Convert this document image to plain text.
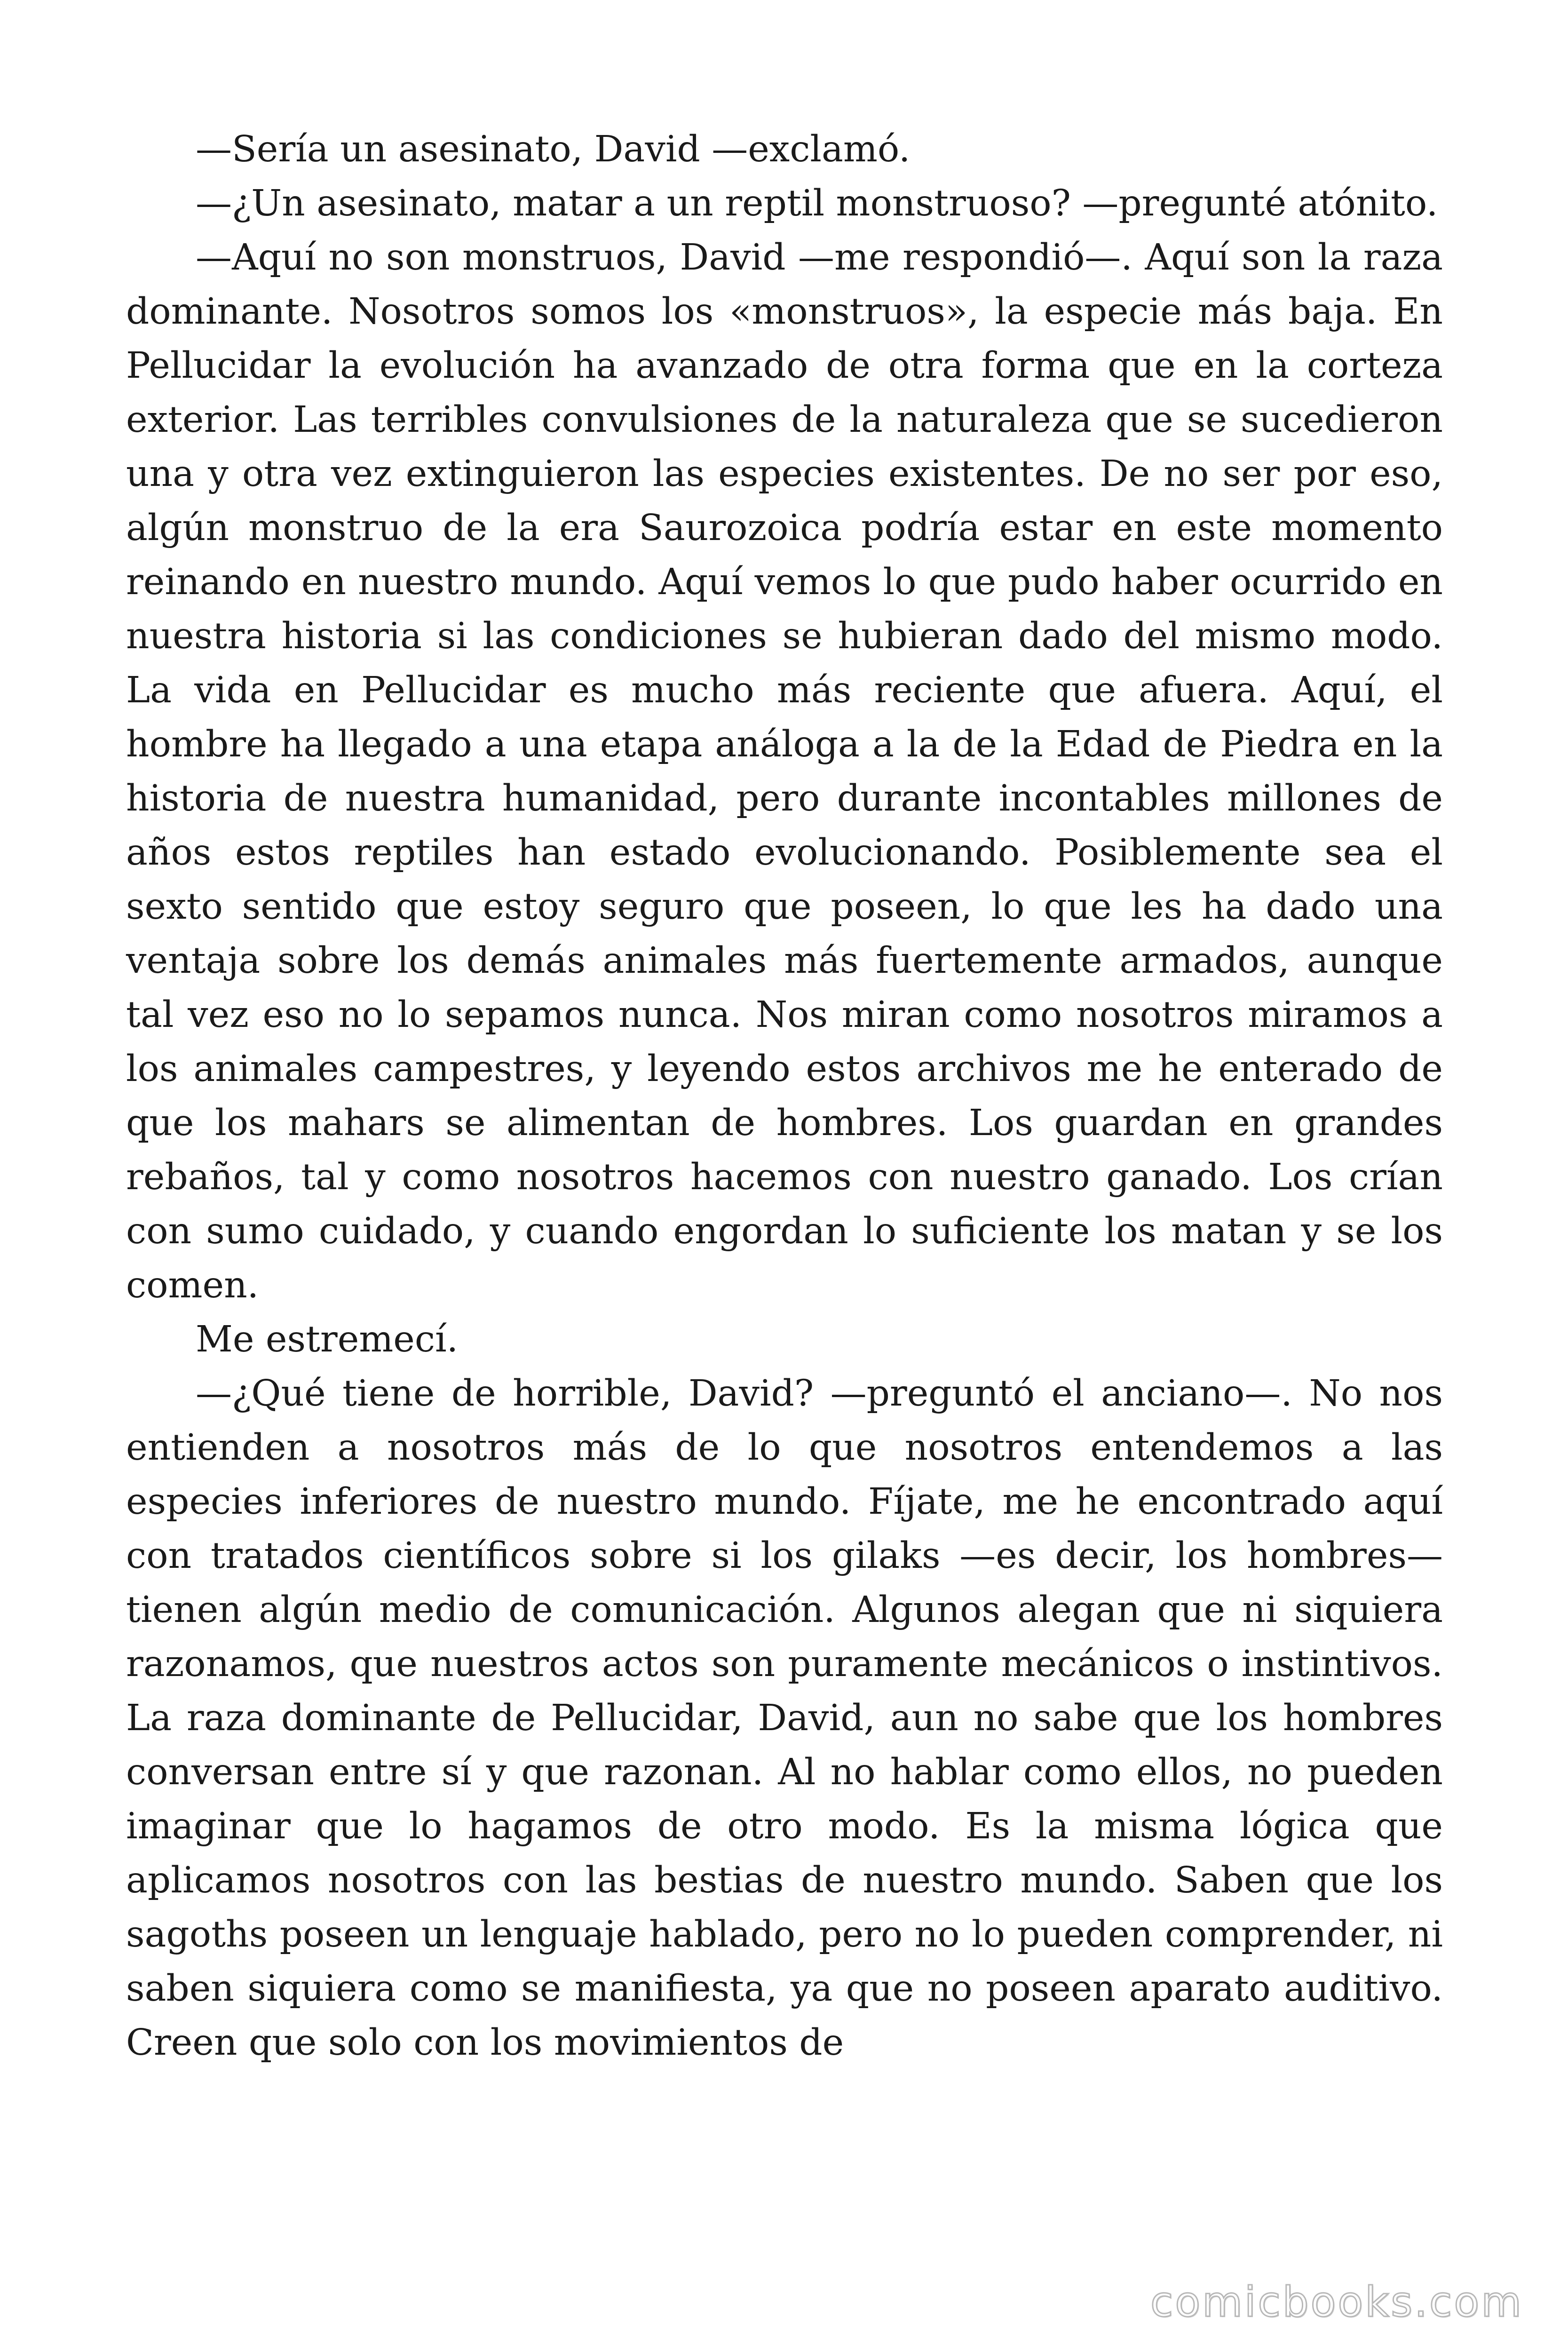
—Sería un asesinato, David —exclamó.

—¿Un asesinato, matar a un reptil monstruoso? —pregunté atónito.

—Aquí no son monstruos, David —me respondió—. Aquí son la raza dominante. Nosotros somos los «monstruos», la especie más baja. En Pellucidar la evolución ha avanzado de otra forma que en la corteza exterior. Las terribles convulsiones de la naturaleza que se sucedieron una y otra vez extinguieron las especies existentes. De no ser por eso, algún monstruo de la era Saurozoica podría estar en este momento reinando en nuestro mundo. Aquí vemos lo que pudo haber ocurrido en nuestra historia si las condiciones se hubieran dado del mismo modo. La vida en Pellucidar es mucho más reciente que afuera. Aquí, el hombre ha llegado a una etapa análoga a la de la Edad de Piedra en la historia de nuestra humanidad, pero durante incontables millones de años estos reptiles han estado evolucionando. Posiblemente sea el sexto sentido que estoy seguro que poseen, lo que les ha dado una ventaja sobre los demás animales más fuertemente armados, aunque tal vez eso no lo sepamos nunca. Nos miran como nosotros miramos a los animales campestres, y leyendo estos archivos me he enterado de que los mahars se alimentan de hombres. Los guardan en grandes rebaños, tal y como nosotros hacemos con nuestro ganado. Los crían con sumo cuidado, y cuando engordan lo suficiente los matan y se los comen.

Me estremecí.

—¿Qué tiene de horrible, David? —preguntó el anciano—. No nos entienden a nosotros más de lo que nosotros entendemos a las especies inferiores de nuestro mundo. Fíjate, me he encontrado aquí con tratados científicos sobre si los gilaks —es decir, los hombres— tienen algún medio de comunicación. Algunos alegan que ni siquiera razonamos, que nuestros actos son puramente mecánicos o instintivos. La raza dominante de Pellucidar, David, aun no sabe que los hombres conversan entre sí y que razonan. Al no hablar como ellos, no pueden imaginar que lo hagamos de otro modo. Es la misma lógica que aplicamos nosotros con las bestias de nuestro mundo. Saben que los sagoths poseen un lenguaje hablado, pero no lo pueden comprender, ni saben siquiera como se manifiesta, ya que no poseen aparato auditivo. Creen que solo con los movimientos de

comicbooks.com
